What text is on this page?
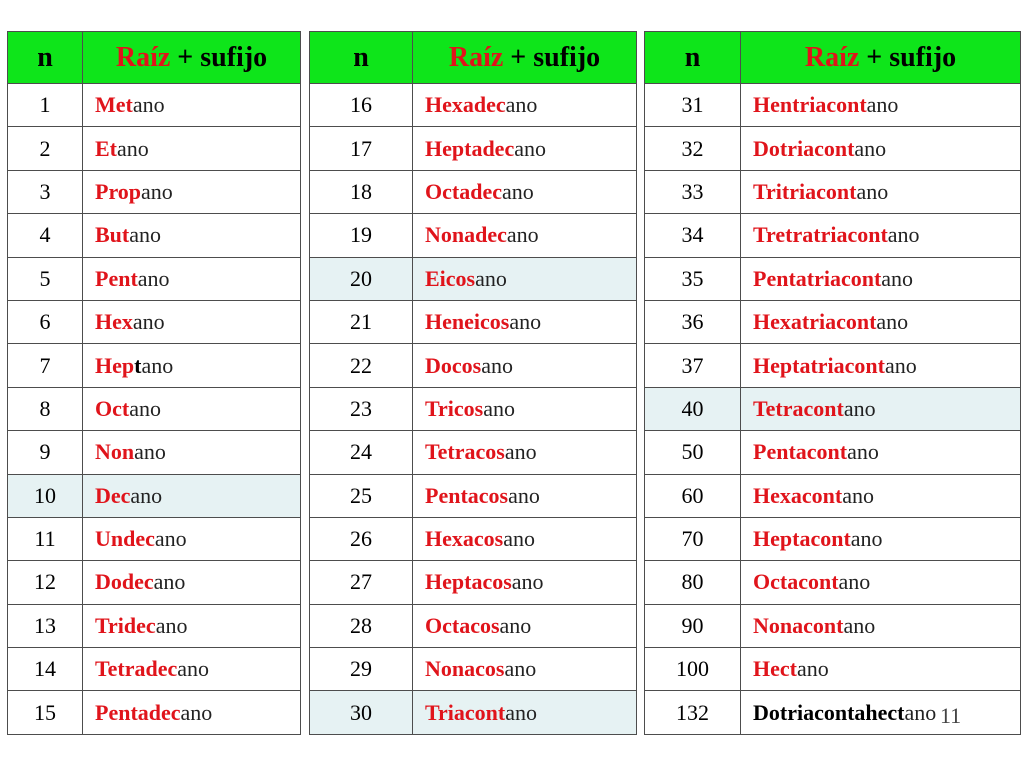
n	Raíz + sufijo
1	Metano
2	Etano
3	Propano
4	Butano
5	Pentano
6	Hexano
7	Heptano
8	Octano
9	Nonano
10	Decano
11	Undecano
12	Dodecano
13	Tridecano
14	Tetradecano
15	Pentadecano
n	Raíz + sufijo
16	Hexadecano
17	Heptadecano
18	Octadecano
19	Nonadecano
20	Eicosano
21	Heneicosano
22	Docosano
23	Tricosano
24	Tetracosano
25	Pentacosano
26	Hexacosano
27	Heptacosano
28	Octacosano
29	Nonacosano
30	Triacontano
n	Raíz + sufijo
31	Hentriacontano
32	Dotriacontano
33	Tritriacontano
34	Tretratriacontano
35	Pentatriacontano
36	Hexatriacontano
37	Heptatriacontano
40	Tetracontano
50	Pentacontano
60	Hexacontano
70	Heptacontano
80	Octacontano
90	Nonacontano
100	Hectano
132	Dotriacontahectano 11
